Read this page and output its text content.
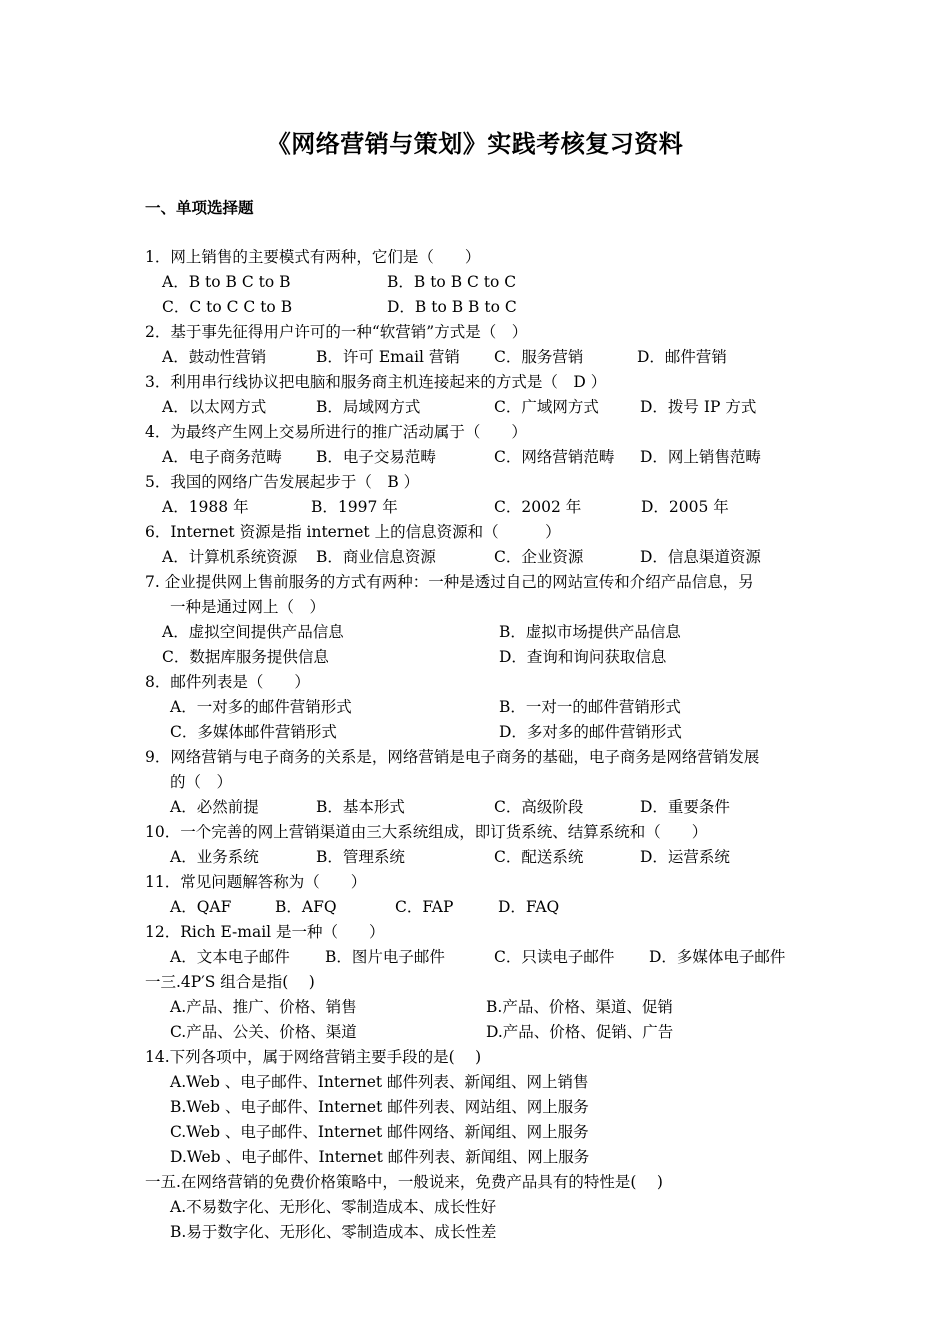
《网络营销与策划》实践考核复习资料
一、单项选择题
1．网上销售的主要模式有两种，它们是（　　）
A．B to B C to B	B．B to B C to C
C．C to C C to B	D．B to B B to C
2．基于事先征得用户许可的一种“软营销”方式是（　）
A．鼓动性营销	B．许可 Email 营销 C．服务营销	D．邮件营销
3．利用串行线协议把电脑和服务商主机连接起来的方式是（　D ）
A．以太网方式	B．局域网方式	C．广域网方式	D．拨号 IP 方式
4．为最终产生网上交易所进行的推广活动属于（　　）
A．电子商务范畴 B．电子交易范畴	C．网络营销范畴 D．网上销售范畴
5．我国的网络广告发展起步于（　B ）
A．1988 年	B．1997 年	C．2002 年	D．2005 年
6．Internet 资源是指 internet 上的信息资源和（　　　）
A．计算机系统资源 B．商业信息资源	C．企业资源	D．信息渠道资源
7. 企业提供网上售前服务的方式有两种：一种是透过自己的网站宣传和介绍产品信息，另
一种是通过网上（　）
A．虚拟空间提供产品信息	B．虚拟市场提供产品信息
C．数据库服务提供信息	D．查询和询问获取信息
8．邮件列表是（　　）
A．一对多的邮件营销形式	B．一对一的邮件营销形式
C．多媒体邮件营销形式	D．多对多的邮件营销形式
9．网络营销与电子商务的关系是，网络营销是电子商务的基础，电子商务是网络营销发展
的（　）
A．必然前提	B．基本形式	C．高级阶段	D．重要条件
10．一个完善的网上营销渠道由三大系统组成，即订货系统、结算系统和（　　）
A．业务系统	B．管理系统	C．配送系统	D．运营系统
11．常见问题解答称为（　　）
A．QAF	B．AFQ	C．FAP	D．FAQ
12．Rich E-mail 是一种（　　）
A．文本电子邮件 B．图片电子邮件	C．只读电子邮件 D．多媒体电子邮件
一三.4P′S 组合是指(　 )
A.产品、推广、价格、销售	B.产品、价格、渠道、促销
C.产品、公关、价格、渠道	D.产品、价格、促销、广告
14.下列各项中，属于网络营销主要手段的是(　 )
A.Web 、电子邮件、Internet 邮件列表、新闻组、网上销售
B.Web 、电子邮件、Internet 邮件列表、网站组、网上服务
C.Web 、电子邮件、Internet 邮件网络、新闻组、网上服务
D.Web 、电子邮件、Internet 邮件列表、新闻组、网上服务
一五.在网络营销的免费价格策略中，一般说来，免费产品具有的特性是(　 )
A.不易数字化、无形化、零制造成本、成长性好
B.易于数字化、无形化、零制造成本、成长性差
